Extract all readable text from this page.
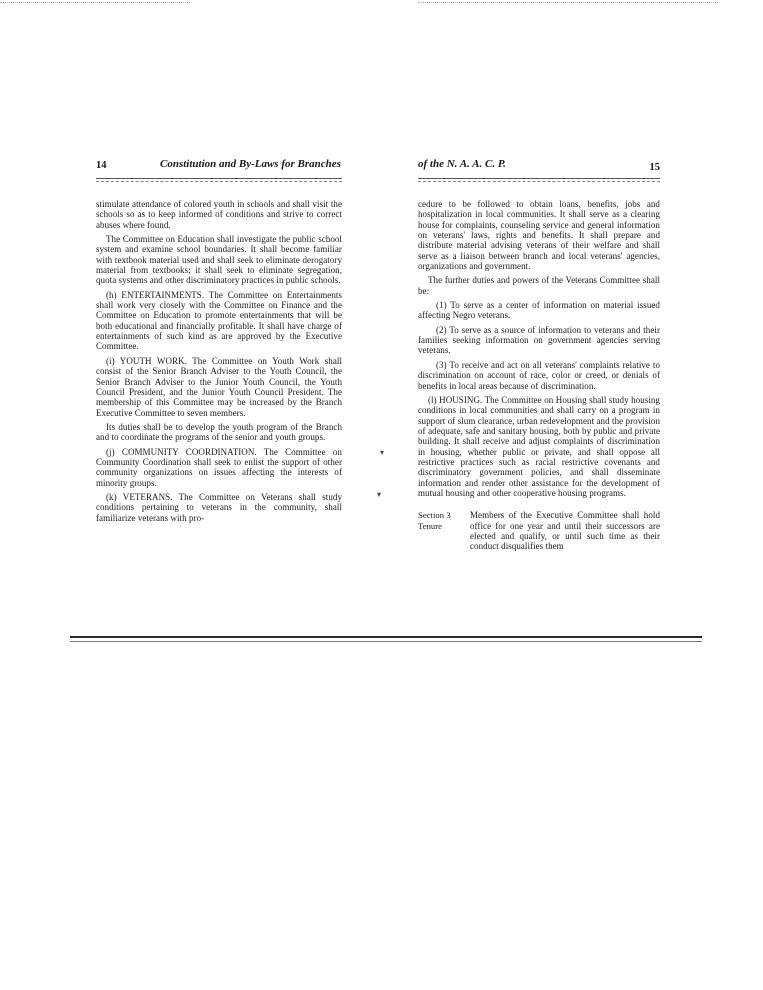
14	Constitution and By-Laws for Branches

stimulate attendance of colored youth in schools and shall visit the schools so as to keep informed of conditions and strive to correct abuses where found.

The Committee on Education shall investigate the public school system and examine school boundaries. It shall become familiar with textbook material used and shall seek to eliminate derogatory material from textbooks; it shall seek to eliminate segregation, quota systems and other discriminatory practices in public schools.

(h) ENTERTAINMENTS. The Committee on Entertainments shall work very closely with the Committee on Finance and the Committee on Education to promote entertainments that will be both educational and financially profitable. It shall have charge of entertainments of such kind as are approved by the Executive Committee.

(i) YOUTH WORK. The Committee on Youth Work shall consist of the Senior Branch Adviser to the Youth Council, the Senior Branch Adviser to the Junior Youth Council, the Youth Council President, and the Junior Youth Council President. The membership of this Committee may be increased by the Branch Executive Committee to seven members.

Its duties shall be to develop the youth program of the Branch and to coordinate the programs of the senior and youth groups.

(j) COMMUNITY COORDINATION. The Committee on Community Coordination shall seek to enlist the support of other community organizations on issues affecting the interests of minority groups.

(k) VETERANS. The Committee on Veterans shall study conditions pertaining to veterans in the community, shall familiarize veterans with pro-

▾
▾
of the N. A. A. C. P.	15

cedure to be followed to obtain loans, benefits, jobs and hospitalization in local communities. It shall serve as a clearing house for complaints, counseling service and general information on veterans' laws, rights and benefits. It shall prepare and distribute material advising veterans of their welfare and shall serve as a liaison between branch and local veterans' agencies, organizations and government.

The further duties and powers of the Veterans Committee shall be:

(1) To serve as a center of information on material issued affecting Negro veterans.

(2) To serve as a source of information to veterans and their families seeking information on government agencies serving veterans.

(3) To receive and act on all veterans' complaints relative to discrimination on account of race, color or creed, or denials of benefits in local areas because of discrimination.

(l) HOUSING. The Committee on Housing shall study housing conditions in local communities and shall carry on a program in support of slum clearance, urban redevelopment and the provision of adequate, safe and sanitary housing, both by public and private building. It shall receive and adjust complaints of discrimination in housing, whether public or private, and shall oppose all restrictive practices such as racial restrictive covenants and discriminatory government policies, and shall disseminate information and render other assistance for the development of mutual housing and other cooperative housing programs.

Section 3
Tenure
Members of the Executive Committee shall hold office for one year and until their successors are elected and qualify, or until such time as their conduct disqualifies them
